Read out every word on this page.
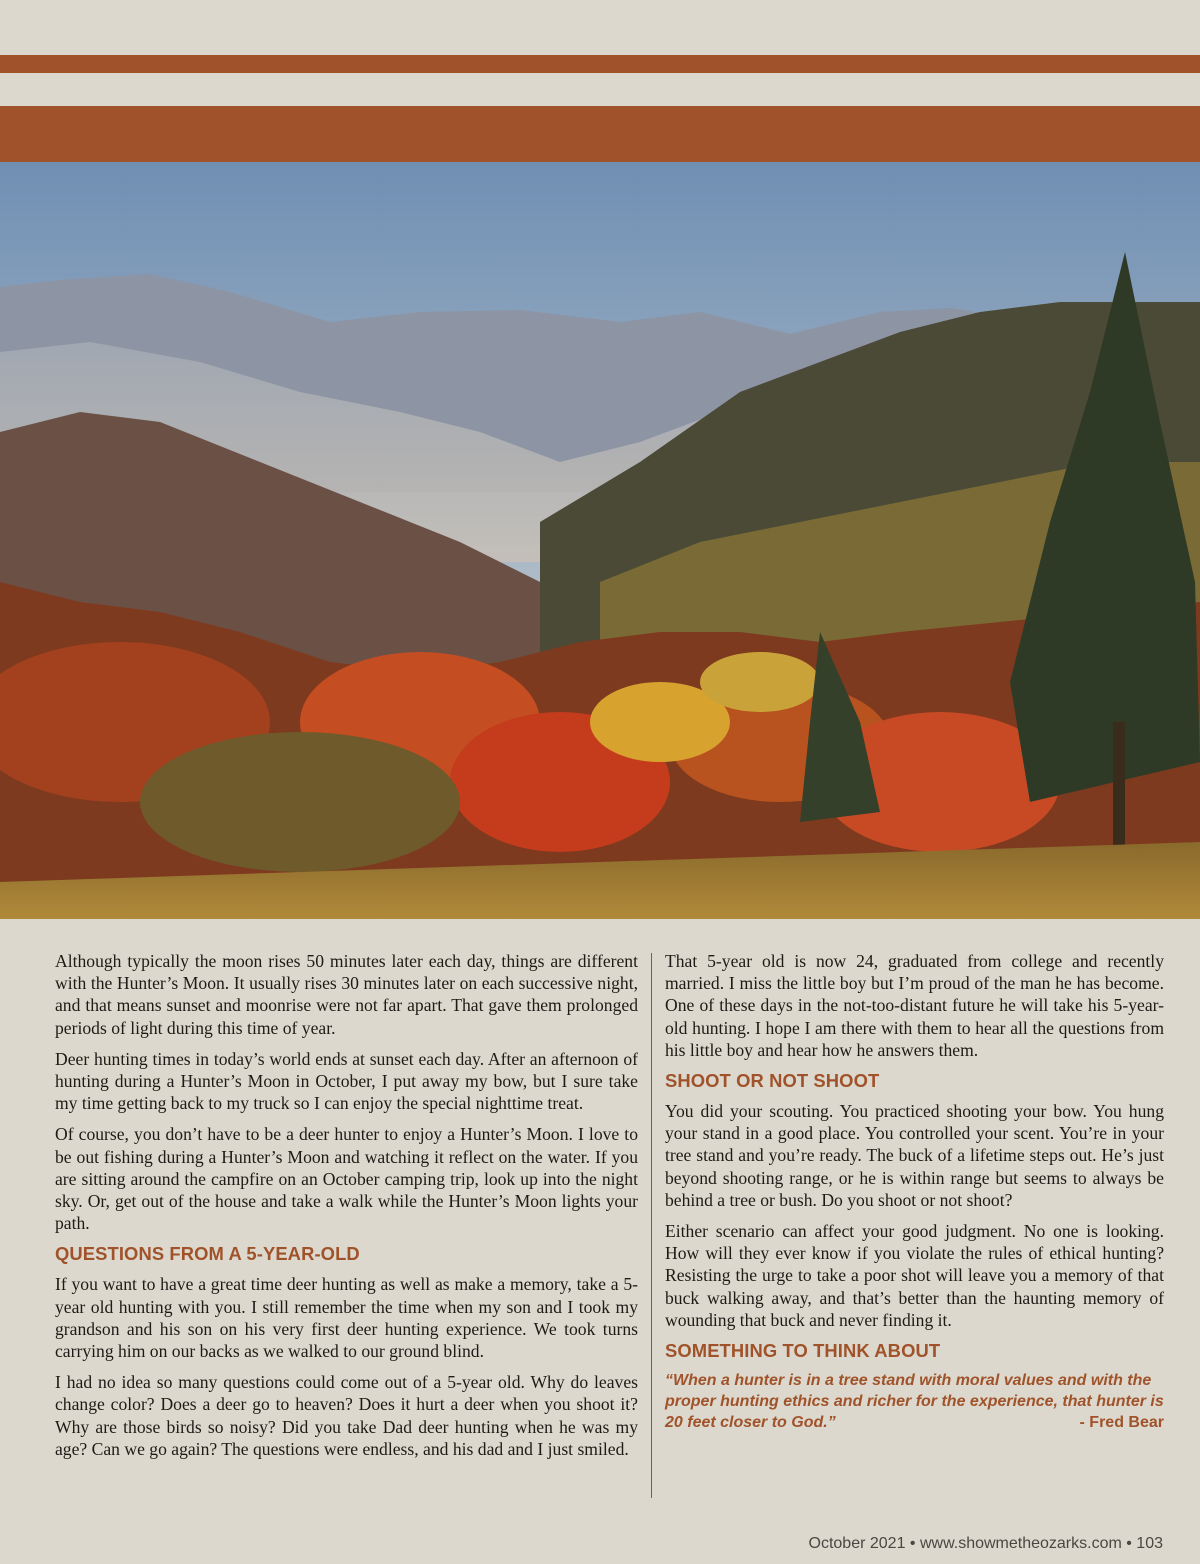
Although typically the moon rises 50 minutes later each day, things are different with the Hunter’s Moon. It usually rises 30 minutes later on each successive night, and that means sunset and moonrise were not far apart. That gave them prolonged periods of light during this time of year.

Deer hunting times in today’s world ends at sunset each day. After an afternoon of hunting during a Hunter’s Moon in October, I put away my bow, but I sure take my time getting back to my truck so I can enjoy the special nighttime treat.

Of course, you don’t have to be a deer hunter to enjoy a Hunter’s Moon. I love to be out fishing during a Hunter’s Moon and watching it reflect on the water. If you are sitting around the campfire on an October camping trip, look up into the night sky. Or, get out of the house and take a walk while the Hunter’s Moon lights your path.

QUESTIONS FROM A 5-YEAR-OLD

If you want to have a great time deer hunting as well as make a memory, take a 5-year old hunting with you. I still remember the time when my son and I took my grandson and his son on his very first deer hunting experience. We took turns carrying him on our backs as we walked to our ground blind.

I had no idea so many questions could come out of a 5-year old. Why do leaves change color? Does a deer go to heaven? Does it hurt a deer when you shoot it? Why are those birds so noisy? Did you take Dad deer hunting when he was my age? Can we go again? The questions were endless, and his dad and I just smiled.

That 5-year old is now 24, graduated from college and recently married. I miss the little boy but I’m proud of the man he has become. One of these days in the not-too-distant future he will take his 5-year-old hunting. I hope I am there with them to hear all the questions from his little boy and hear how he answers them.

SHOOT OR NOT SHOOT

You did your scouting. You practiced shooting your bow. You hung your stand in a good place. You controlled your scent. You’re in your tree stand and you’re ready. The buck of a lifetime steps out. He’s just beyond shooting range, or he is within range but seems to always be behind a tree or bush. Do you shoot or not shoot?

Either scenario can affect your good judgment. No one is looking. How will they ever know if you violate the rules of ethical hunting? Resisting the urge to take a poor shot will leave you a memory of that buck walking away, and that’s better than the haunting memory of wounding that buck and never finding it.

SOMETHING TO THINK ABOUT
“When a hunter is in a tree stand with moral values and with the proper hunting ethics and richer for the experience, that hunter is 20 feet closer to God.”	- Fred Bear
October 2021 • www.showmetheozarks.com • 103
